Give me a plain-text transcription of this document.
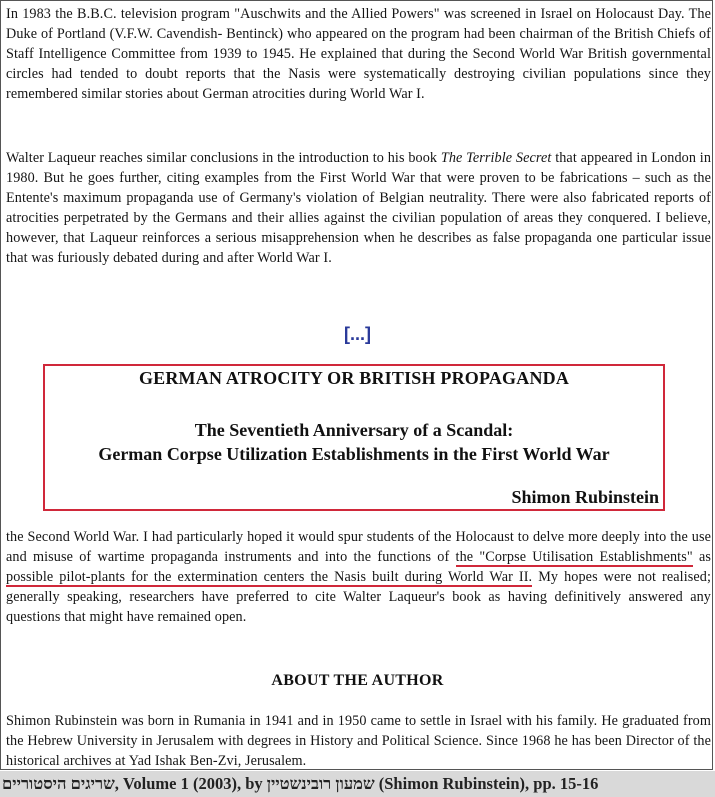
In 1983 the B.B.C. television program "Auschwits and the Allied Powers" was screened in Israel on Holocaust Day. The Duke of Portland (V.F.W. Cavendish- Bentinck) who appeared on the program had been chairman of the British Chiefs of Staff Intelligence Committee from 1939 to 1945. He explained that during the Second World War British governmental circles had tended to doubt reports that the Nasis were systematically destroying civilian populations since they remembered similar stories about German atrocities during World War I.

Walter Laqueur reaches similar conclusions in the introduction to his book The Terrible Secret that appeared in London in 1980. But he goes further, citing examples from the First World War that were proven to be fabrications – such as the Entente's maximum propaganda use of Germany's violation of Belgian neutrality. There were also fabricated reports of atrocities perpetrated by the Germans and their allies against the civilian population of areas they conquered. I believe, however, that Laqueur reinforces a serious misapprehension when he describes as false propaganda one particular issue that was furiously debated during and after World War I.

[...]
GERMAN ATROCITY OR BRITISH PROPAGANDA
The Seventieth Anniversary of a Scandal:
German Corpse Utilization Establishments in the First World War
Shimon Rubinstein

the Second World War. I had particularly hoped it would spur students of the Holocaust to delve more deeply into the use and misuse of wartime propaganda instruments and into the functions of the "Corpse Utilisation Establishments" as possible pilot-plants for the extermination centers the Nasis built during World War II. My hopes were not realised; generally speaking, researchers have preferred to cite Walter Laqueur's book as having definitively answered any questions that might have remained open.

ABOUT THE AUTHOR

Shimon Rubinstein was born in Rumania in 1941 and in 1950 came to settle in Israel with his family. He graduated from the Hebrew University in Jerusalem with degrees in History and Political Science. Since 1968 he has been Director of the historical archives at Yad Ishak Ben-Zvi, Jerusalem.

שריגים היסטוריים, Volume 1 (2003), by שמעון רובינשטיין (Shimon Rubinstein), pp. 15-16
